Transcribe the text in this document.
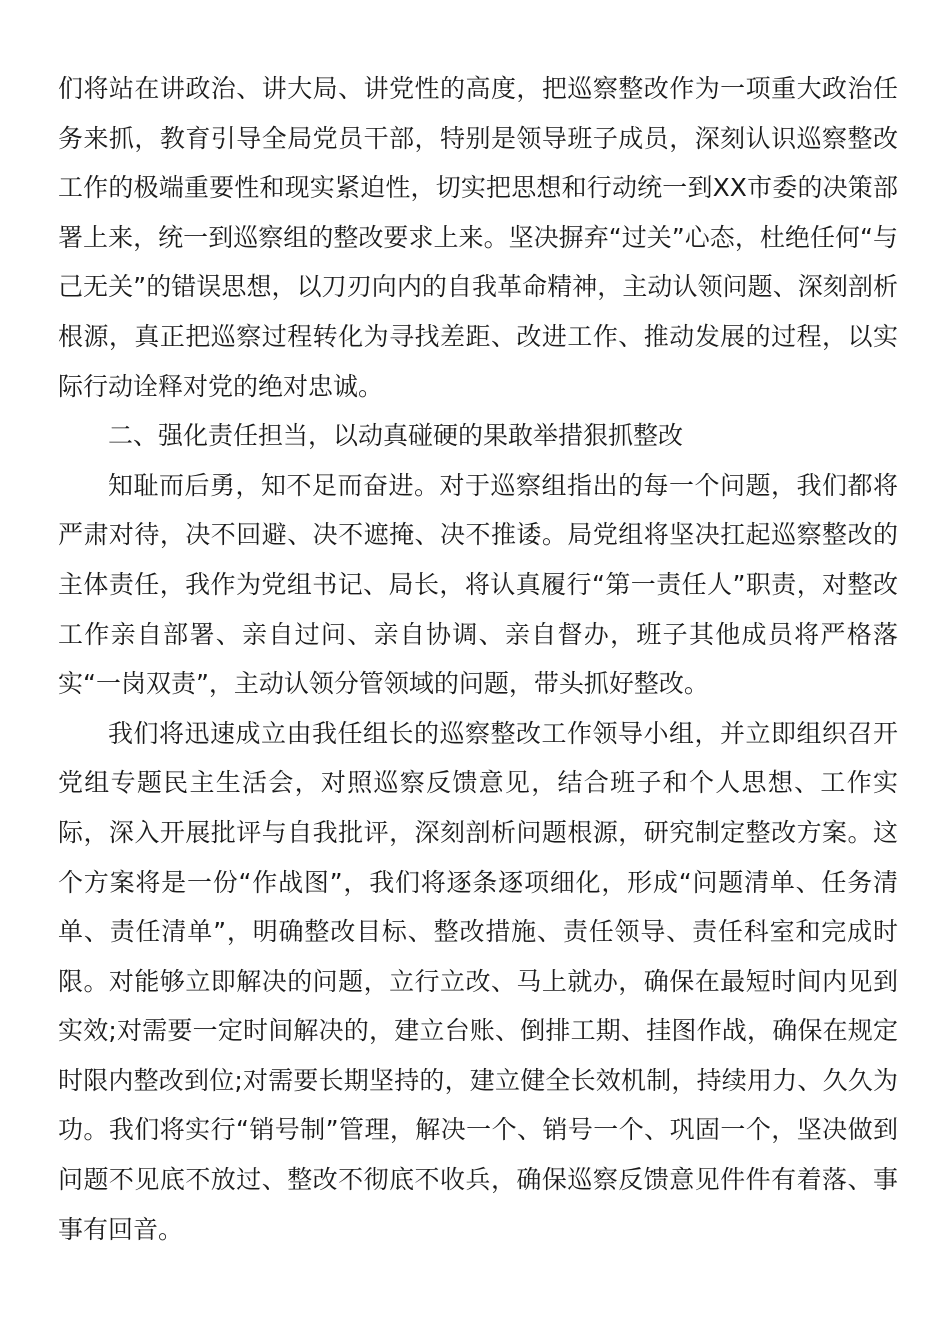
们将站在讲政治、讲大局、讲党性的高度，把巡察整改作为一项重大政治任务来抓，教育引导全局党员干部，特别是领导班子成员，深刻认识巡察整改工作的极端重要性和现实紧迫性，切实把思想和行动统一到XX市委的决策部署上来，统一到巡察组的整改要求上来。坚决摒弃“过关”心态，杜绝任何“与己无关”的错误思想，以刀刃向内的自我革命精神，主动认领问题、深刻剖析根源，真正把巡察过程转化为寻找差距、改进工作、推动发展的过程，以实际行动诠释对党的绝对忠诚。

二、强化责任担当，以动真碰硬的果敢举措狠抓整改

知耻而后勇，知不足而奋进。对于巡察组指出的每一个问题，我们都将严肃对待，决不回避、决不遮掩、决不推诿。局党组将坚决扛起巡察整改的主体责任，我作为党组书记、局长，将认真履行“第一责任人”职责，对整改工作亲自部署、亲自过问、亲自协调、亲自督办，班子其他成员将严格落实“一岗双责”，主动认领分管领域的问题，带头抓好整改。

我们将迅速成立由我任组长的巡察整改工作领导小组，并立即组织召开党组专题民主生活会，对照巡察反馈意见，结合班子和个人思想、工作实际，深入开展批评与自我批评，深刻剖析问题根源，研究制定整改方案。这个方案将是一份“作战图”，我们将逐条逐项细化，形成“问题清单、任务清单、责任清单”，明确整改目标、整改措施、责任领导、责任科室和完成时限。对能够立即解决的问题，立行立改、马上就办，确保在最短时间内见到实效;对需要一定时间解决的，建立台账、倒排工期、挂图作战，确保在规定时限内整改到位;对需要长期坚持的，建立健全长效机制，持续用力、久久为功。我们将实行“销号制”管理，解决一个、销号一个、巩固一个，坚决做到问题不见底不放过、整改不彻底不收兵，确保巡察反馈意见件件有着落、事事有回音。
